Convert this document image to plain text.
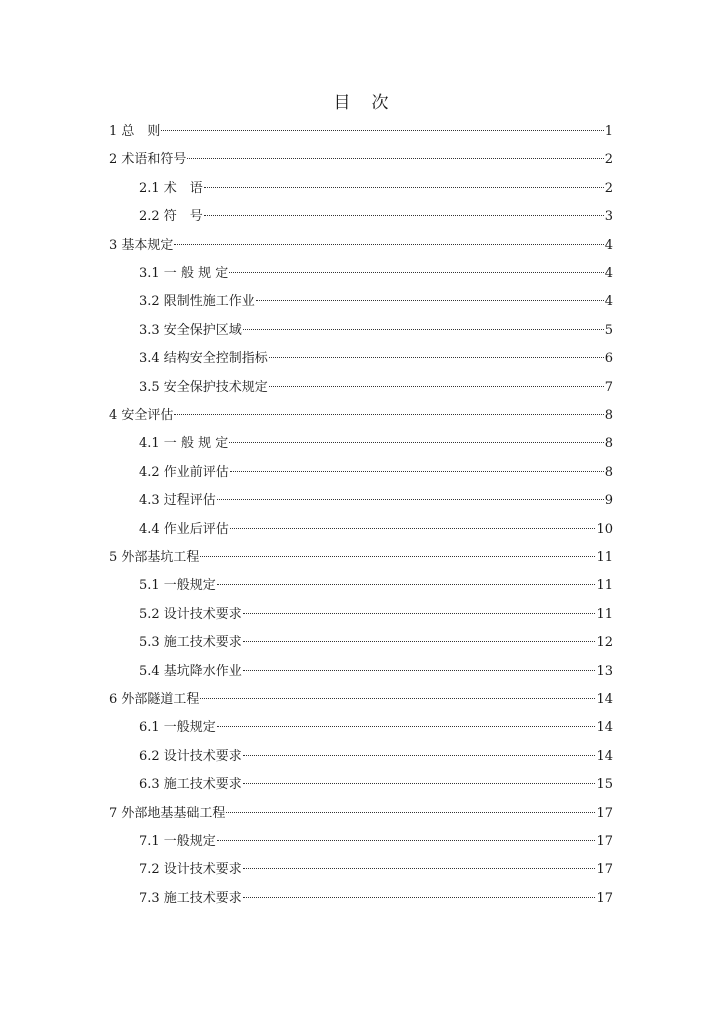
目　次
1 总　则	1
2 术语和符号	2
2.1 术　语	2
2.2 符　号	3
3 基本规定	4
3.1 一 般 规 定	4
3.2 限制性施工作业	4
3.3 安全保护区域	5
3.4 结构安全控制指标	6
3.5 安全保护技术规定	7
4 安全评估	8
4.1 一 般 规 定	8
4.2 作业前评估	8
4.3 过程评估	9
4.4 作业后评估	10
5 外部基坑工程	11
5.1 一般规定	11
5.2 设计技术要求	11
5.3 施工技术要求	12
5.4 基坑降水作业	13
6 外部隧道工程	14
6.1 一般规定	14
6.2 设计技术要求	14
6.3 施工技术要求	15
7 外部地基基础工程	17
7.1 一般规定	17
7.2 设计技术要求	17
7.3 施工技术要求	17
